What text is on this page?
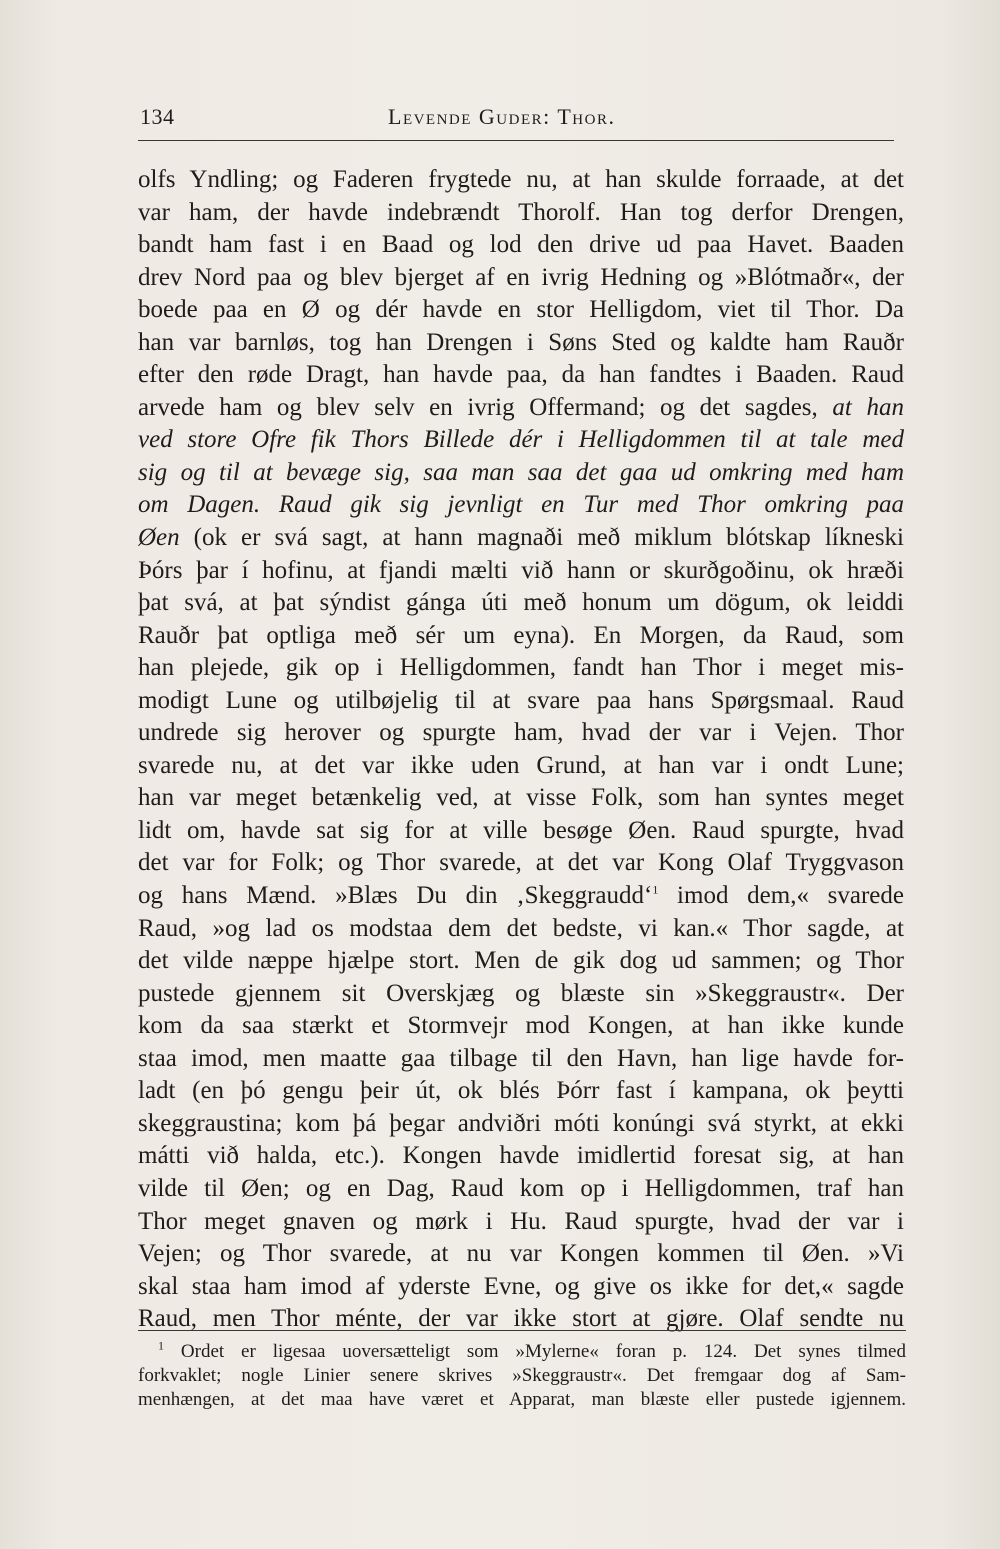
134	Levende Guder: Thor.
olfs Yndling; og Faderen frygtede nu, at han skulde forraade, at det
var ham, der havde indebrændt Thorolf. Han tog derfor Drengen,
bandt ham fast i en Baad og lod den drive ud paa Havet. Baaden
drev Nord paa og blev bjerget af en ivrig Hedning og »Blótmaðr«, der
boede paa en Ø og dér havde en stor Helligdom, viet til Thor. Da
han var barnløs, tog han Drengen i Søns Sted og kaldte ham Rauðr
efter den røde Dragt, han havde paa, da han fandtes i Baaden. Raud
arvede ham og blev selv en ivrig Offermand; og det sagdes, at han
ved store Ofre fik Thors Billede dér i Helligdommen til at tale med
sig og til at bevæge sig, saa man saa det gaa ud omkring med ham
om Dagen. Raud gik sig jevnligt en Tur med Thor omkring paa
Øen (ok er svá sagt, at hann magnaði með miklum blótskap líkneski
Þórs þar í hofinu, at fjandi mælti við hann or skurðgoðinu, ok hræði
þat svá, at þat sýndist gánga úti með honum um dögum, ok leiddi
Rauðr þat optliga með sér um eyna). En Morgen, da Raud, som
han plejede, gik op i Helligdommen, fandt han Thor i meget mis-
modigt Lune og utilbøjelig til at svare paa hans Spørgsmaal. Raud
undrede sig herover og spurgte ham, hvad der var i Vejen. Thor
svarede nu, at det var ikke uden Grund, at han var i ondt Lune;
han var meget betænkelig ved, at visse Folk, som han syntes meget
lidt om, havde sat sig for at ville besøge Øen. Raud spurgte, hvad
det var for Folk; og Thor svarede, at det var Kong Olaf Tryggvason
og hans Mænd. »Blæs Du din ‚Skeggraudd‘$^1$ imod dem,« svarede
Raud, »og lad os modstaa dem det bedste, vi kan.« Thor sagde, at
det vilde næppe hjælpe stort. Men de gik dog ud sammen; og Thor
pustede gjennem sit Overskjæg og blæste sin »Skeggraustr«. Der
kom da saa stærkt et Stormvejr mod Kongen, at han ikke kunde
staa imod, men maatte gaa tilbage til den Havn, han lige havde for-
ladt (en þó gengu þeir út, ok blés Þórr fast í kampana, ok þeytti
skeggraustina; kom þá þegar andviðri móti konúngi svá styrkt, at ekki
mátti við halda, etc.). Kongen havde imidlertid foresat sig, at han
vilde til Øen; og en Dag, Raud kom op i Helligdommen, traf han
Thor meget gnaven og mørk i Hu. Raud spurgte, hvad der var i
Vejen; og Thor svarede, at nu var Kongen kommen til Øen. »Vi
skal staa ham imod af yderste Evne, og give os ikke for det,« sagde
Raud, men Thor ménte, der var ikke stort at gjøre. Olaf sendte nu
$^1$ Ordet er ligesaa uoversætteligt som »Mylerne« foran p. 124. Det synes tilmed
forkvaklet; nogle Linier senere skrives »Skeggraustr«. Det fremgaar dog af Sam-
menhængen, at det maa have været et Apparat, man blæste eller pustede igjennem.
